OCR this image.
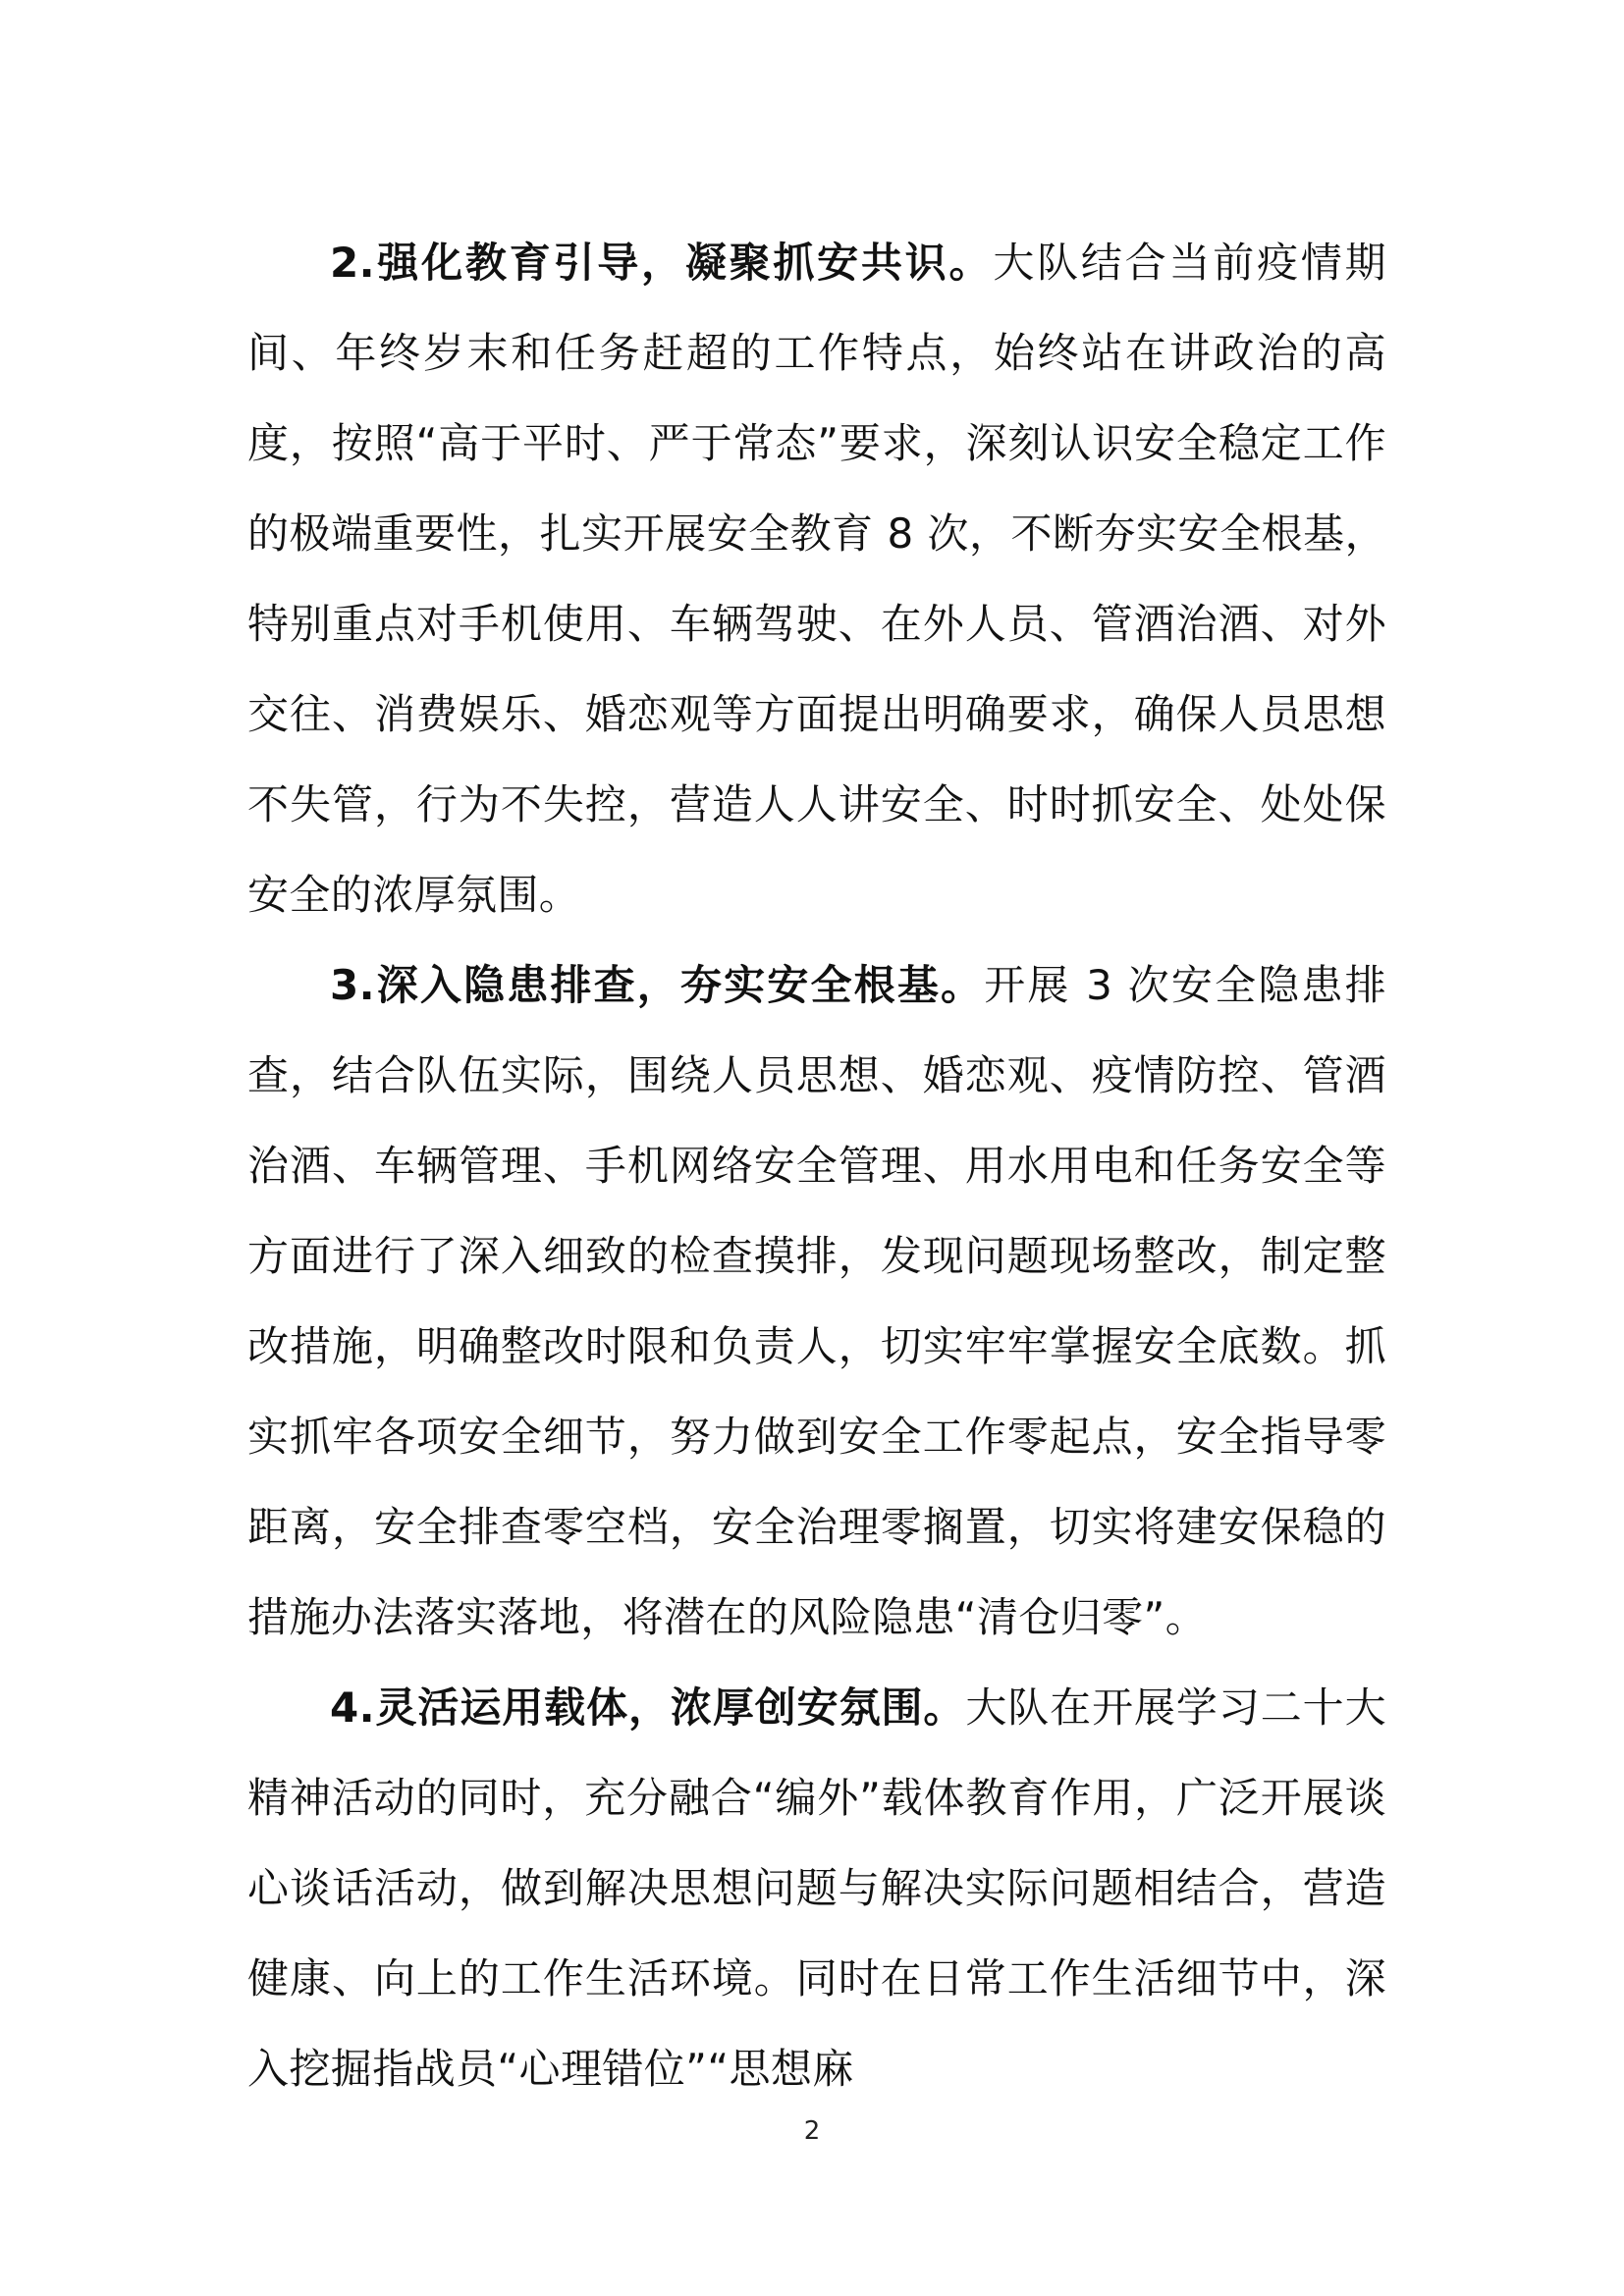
2.强化教育引导，凝聚抓安共识。大队结合当前疫情期间、年终岁末和任务赶超的工作特点，始终站在讲政治的高度，按照“高于平时、严于常态”要求，深刻认识安全稳定工作的极端重要性，扎实开展安全教育 8 次，不断夯实安全根基，特别重点对手机使用、车辆驾驶、在外人员、管酒治酒、对外交往、消费娱乐、婚恋观等方面提出明确要求，确保人员思想不失管，行为不失控，营造人人讲安全、时时抓安全、处处保安全的浓厚氛围。

3.深入隐患排查，夯实安全根基。开展 3 次安全隐患排查，结合队伍实际，围绕人员思想、婚恋观、疫情防控、管酒治酒、车辆管理、手机网络安全管理、用水用电和任务安全等方面进行了深入细致的检查摸排，发现问题现场整改，制定整改措施，明确整改时限和负责人，切实牢牢掌握安全底数。抓实抓牢各项安全细节，努力做到安全工作零起点，安全指导零距离，安全排查零空档，安全治理零搁置，切实将建安保稳的措施办法落实落地，将潜在的风险隐患“清仓归零”。

4.灵活运用载体，浓厚创安氛围。大队在开展学习二十大精神活动的同时，充分融合“编外”载体教育作用，广泛开展谈心谈话活动，做到解决思想问题与解决实际问题相结合，营造健康、向上的工作生活环境。同时在日常工作生活细节中，深入挖掘指战员“心理错位”“思想麻

2
